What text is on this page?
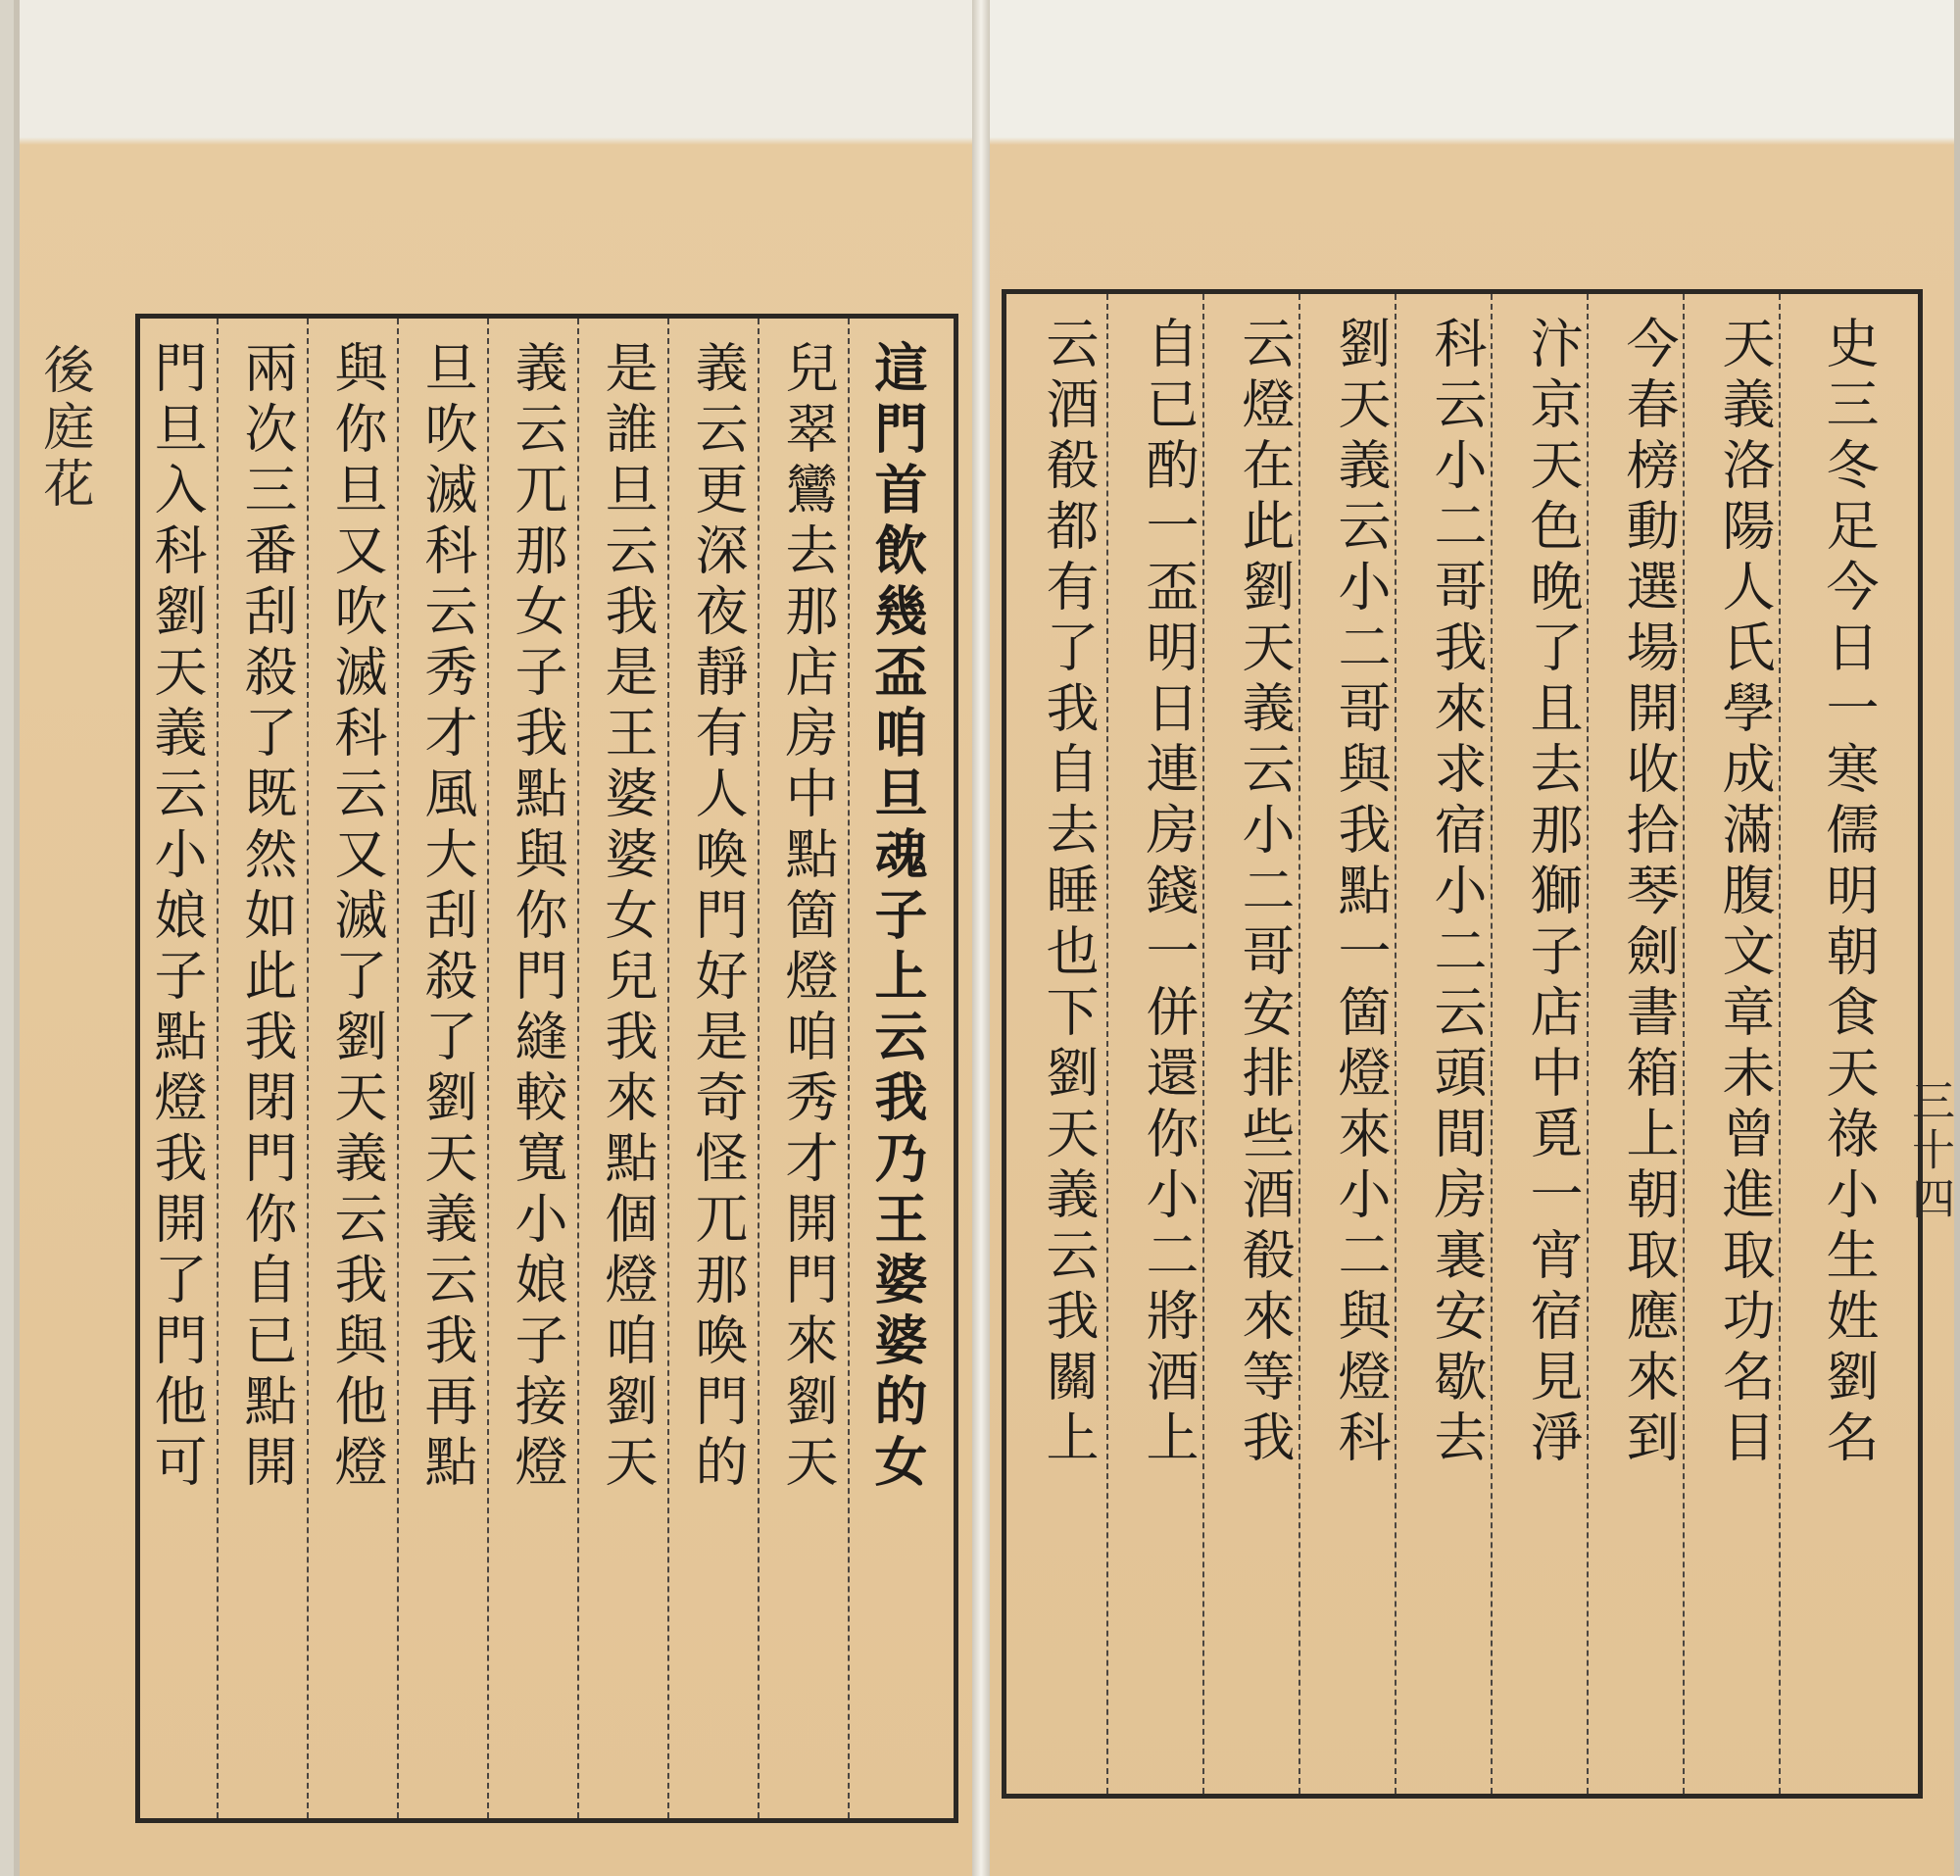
後庭花 門旦入科劉天義云小娘子點燈我開了門他可 兩次三番刮殺了既然如此我閉門你自已點開 與你旦又吹滅科云又滅了劉天義云我與他燈 旦吹滅科云秀才風大刮殺了劉天義云我再點 義云兀那女子我點與你門縫較寬小娘子接燈 是誰旦云我是王婆婆女兒我來點個燈咱劉天 義云更深夜靜有人喚門好是奇怪兀那喚門的 兒翠鸞去那店房中點箇燈咱秀才開門來劉天 這門首飲幾盃咱旦魂子上云我乃王婆婆的女	史三冬足今日一寒儒明朝食天祿小生姓劉名
天義洛陽人氏學成滿腹文章未曾進取功名目
今春榜動選場開收拾琴劍書箱上朝取應來到
汴京天色晚了且去那獅子店中覓一宵宿見淨
科云小二哥我來求宿小二云頭間房裏安歇去
劉天義云小二哥與我點一箇燈來小二與燈科
云燈在此劉天義云小二哥安排些酒殽來等我
自已酌一盃明日連房錢一併還你小二將酒上
云酒殽都有了我自去睡也下劉天義云我關上	三十四
